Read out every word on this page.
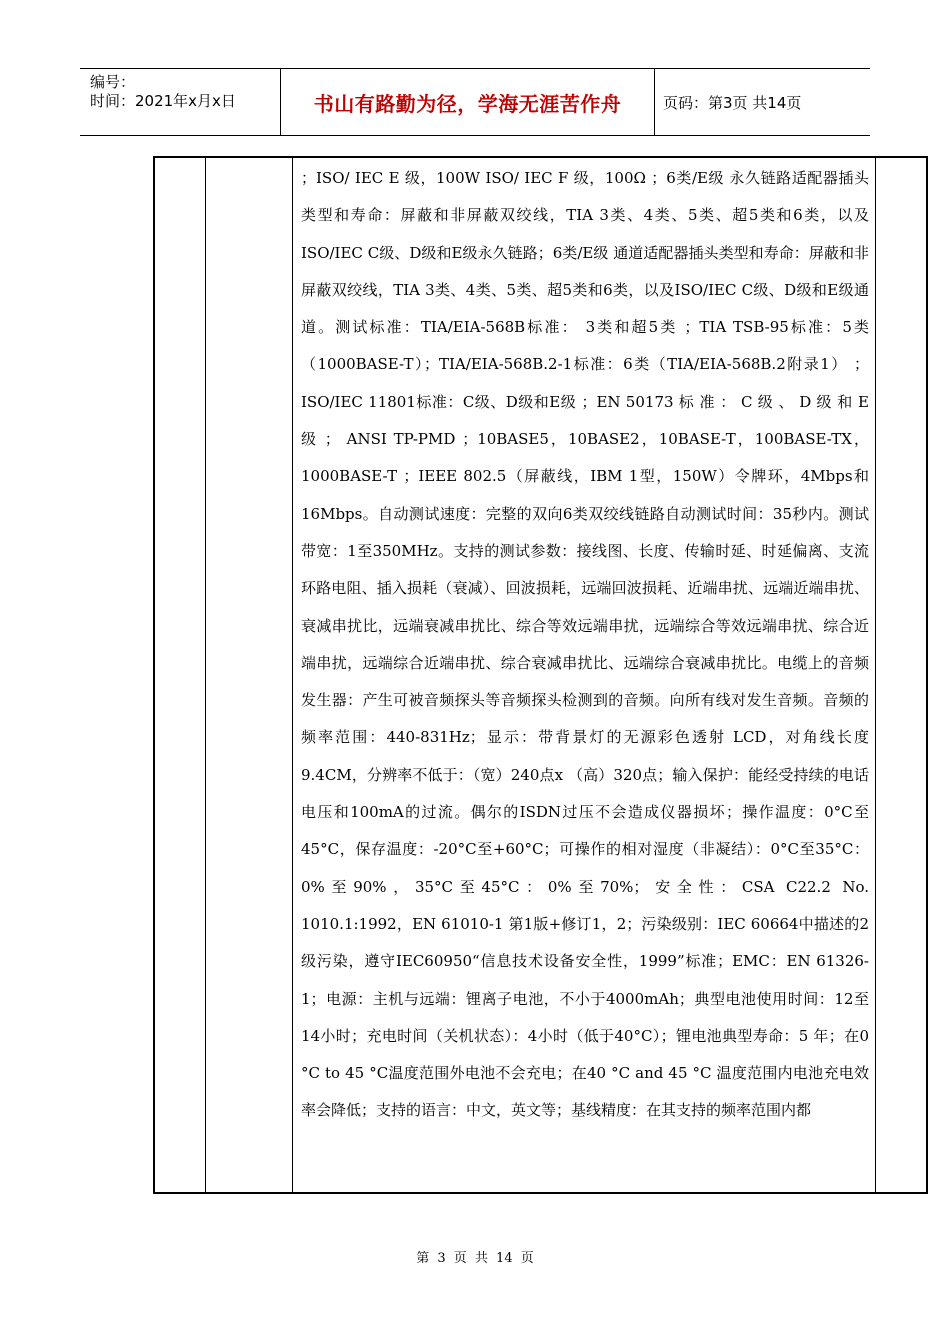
编号：
时间：2021年x月x日	书山有路勤为径，学海无涯苦作舟	页码：第3页 共14页
；ISO/ IEC E 级，100W ISO/ IEC F 级，100Ω ；6类/E级 永久链路适配器插头类型和寿命：屏蔽和非屏蔽双绞线，TIA 3类、4类、5类、超5类和6类，以及ISO/IEC C级、D级和E级永久链路；6类/E级 通道适配器插头类型和寿命：屏蔽和非屏蔽双绞线，TIA 3类、4类、5类、超5类和6类，以及ISO/IEC C级、D级和E级通道。测试标准：TIA/EIA-568B标准： 3类和超5类 ；TIA TSB-95标准：5类（1000BASE-T）；TIA/EIA-568B.2-1标准：6类（TIA/EIA-568B.2附录1） ；ISO/IEC 11801标准：C级、D级和E级 ；EN 50173 标 准 ： C 级 、 D 级 和 E 级 ； ANSI TP-PMD ；10BASE5，10BASE2，10BASE-T，100BASE-TX，1000BASE-T ；IEEE 802.5（屏蔽线，IBM 1型，150W）令牌环，4Mbps和16Mbps。自动测试速度：完整的双向6类双绞线链路自动测试时间：35秒内。测试带宽：1至350MHz。支持的测试参数：接线图、长度、传输时延、时延偏离、支流环路电阻、插入损耗（衰减）、回波损耗，远端回波损耗、近端串扰、远端近端串扰、衰减串扰比，远端衰减串扰比、综合等效远端串扰，远端综合等效远端串扰、综合近端串扰，远端综合近端串扰、综合衰减串扰比、远端综合衰减串扰比。电缆上的音频发生器：产生可被音频探头等音频探头检测到的音频。向所有线对发生音频。音频的频率范围：440-831Hz；显示：带背景灯的无源彩色透射 LCD，对角线长度9.4CM，分辨率不低于：（宽）240点x （高）320点；输入保护：能经受持续的电话电压和100mA的过流。偶尔的ISDN过压不会造成仪器损坏；操作温度：0°C至45°C，保存温度：-20°C至+60°C；可操作的相对湿度（非凝结）：0°C至35°C：0%至90%，35°C至45°C：0%至70%；安全性：CSA C22.2 No. 1010.1:1992，EN 61010-1 第1版+修订1，2；污染级别：IEC 60664中描述的2级污染，遵守IEC60950“信息技术设备安全性，1999”标准；EMC：EN 61326-1；电源：主机与远端：锂离子电池，不小于4000mAh；典型电池使用时间：12至14小时；充电时间（关机状态）：4小时（低于40°C）；锂电池典型寿命：5 年；在0 °C to 45 °C温度范围外电池不会充电；在40 °C and 45 °C 温度范围内电池充电效率会降低；支持的语言：中文，英文等；基线精度：在其支持的频率范围内都
第 3 页 共 14 页
